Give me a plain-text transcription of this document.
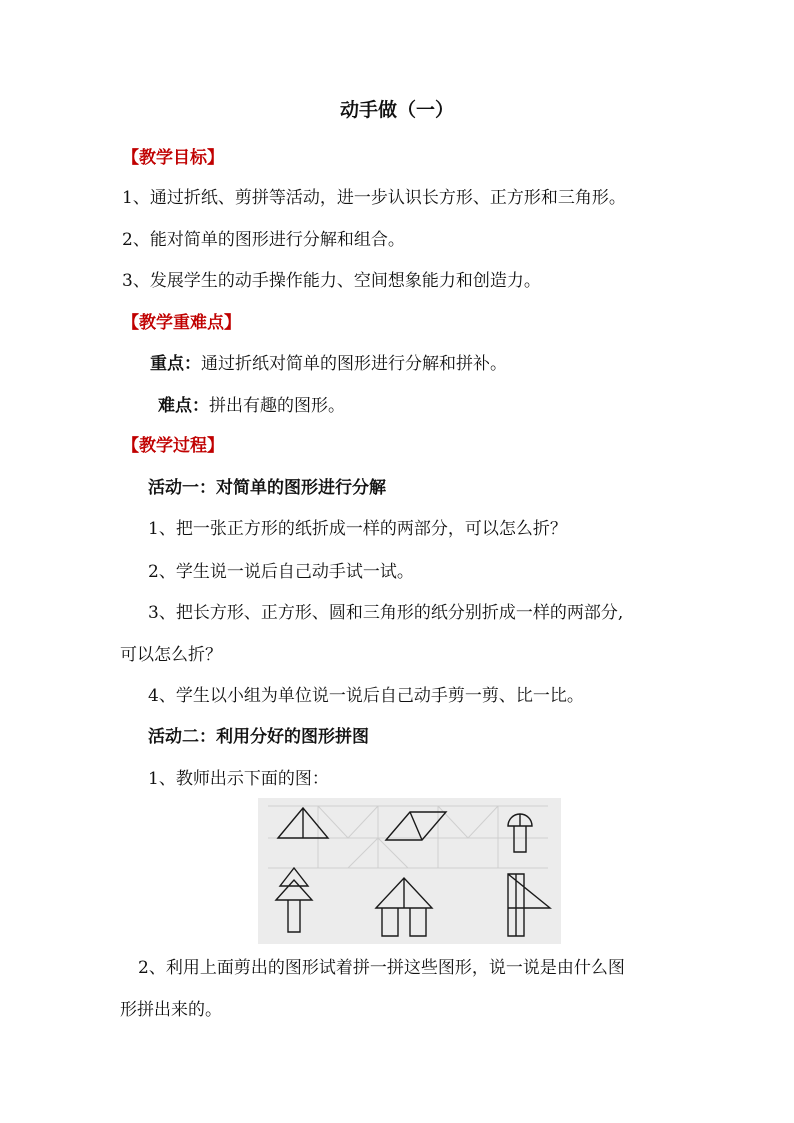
动手做（一）
【教学目标】
1、通过折纸、剪拼等活动，进一步认识长方形、正方形和三角形。
2、能对简单的图形进行分解和组合。
3、发展学生的动手操作能力、空间想象能力和创造力。
【教学重难点】
重点：通过折纸对简单的图形进行分解和拼补。
难点：拼出有趣的图形。
【教学过程】
活动一：对简单的图形进行分解
1、把一张正方形的纸折成一样的两部分，可以怎么折？
2、学生说一说后自己动手试一试。
3、把长方形、正方形、圆和三角形的纸分别折成一样的两部分,
可以怎么折？
4、学生以小组为单位说一说后自己动手剪一剪、比一比。
活动二：利用分好的图形拼图
1、教师出示下面的图：
2、利用上面剪出的图形试着拼一拼这些图形，说一说是由什么图
形拼出来的。
